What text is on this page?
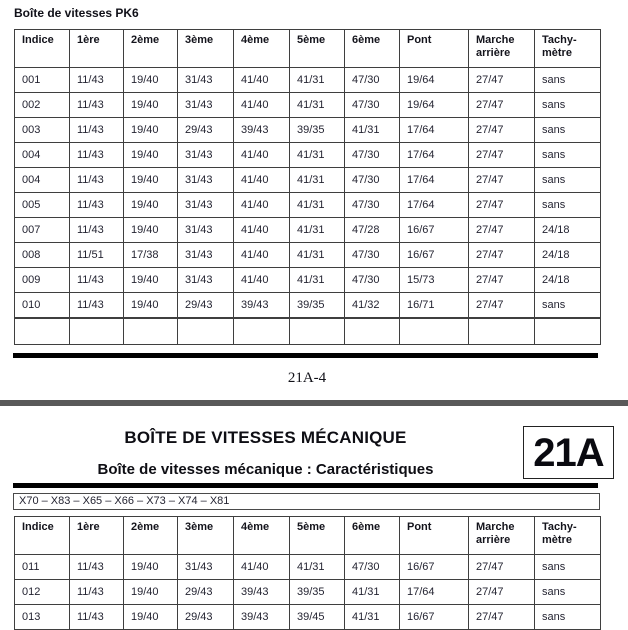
Boîte de vitesses PK6
Indice	1ère	2ème	3ème	4ème	5ème	6ème	Pont	Marche arrière	Tachy-mètre
001	11/43	19/40	31/43	41/40	41/31	47/30	19/64	27/47	sans
002	11/43	19/40	31/43	41/40	41/31	47/30	19/64	27/47	sans
003	11/43	19/40	29/43	39/43	39/35	41/31	17/64	27/47	sans
004	11/43	19/40	31/43	41/40	41/31	47/30	17/64	27/47	sans
004	11/43	19/40	31/43	41/40	41/31	47/30	17/64	27/47	sans
005	11/43	19/40	31/43	41/40	41/31	47/30	17/64	27/47	sans
007	11/43	19/40	31/43	41/40	41/31	47/28	16/67	27/47	24/18
008	11/51	17/38	31/43	41/40	41/31	47/30	16/67	27/47	24/18
009	11/43	19/40	31/43	41/40	41/31	47/30	15/73	27/47	24/18
010	11/43	19/40	29/43	39/43	39/35	41/32	16/71	27/47	sans

21A-4
BOÎTE DE VITESSES MÉCANIQUE
Boîte de vitesses mécanique : Caractéristiques	21A
X70 – X83 – X65 – X66 – X73 – X74 – X81
Indice	1ère	2ème	3ème	4ème	5ème	6ème	Pont	Marche arrière	Tachy-mètre
011	11/43	19/40	31/43	41/40	41/31	47/30	16/67	27/47	sans
012	11/43	19/40	29/43	39/43	39/35	41/31	17/64	27/47	sans
013	11/43	19/40	29/43	39/43	39/45	41/31	16/67	27/47	sans
